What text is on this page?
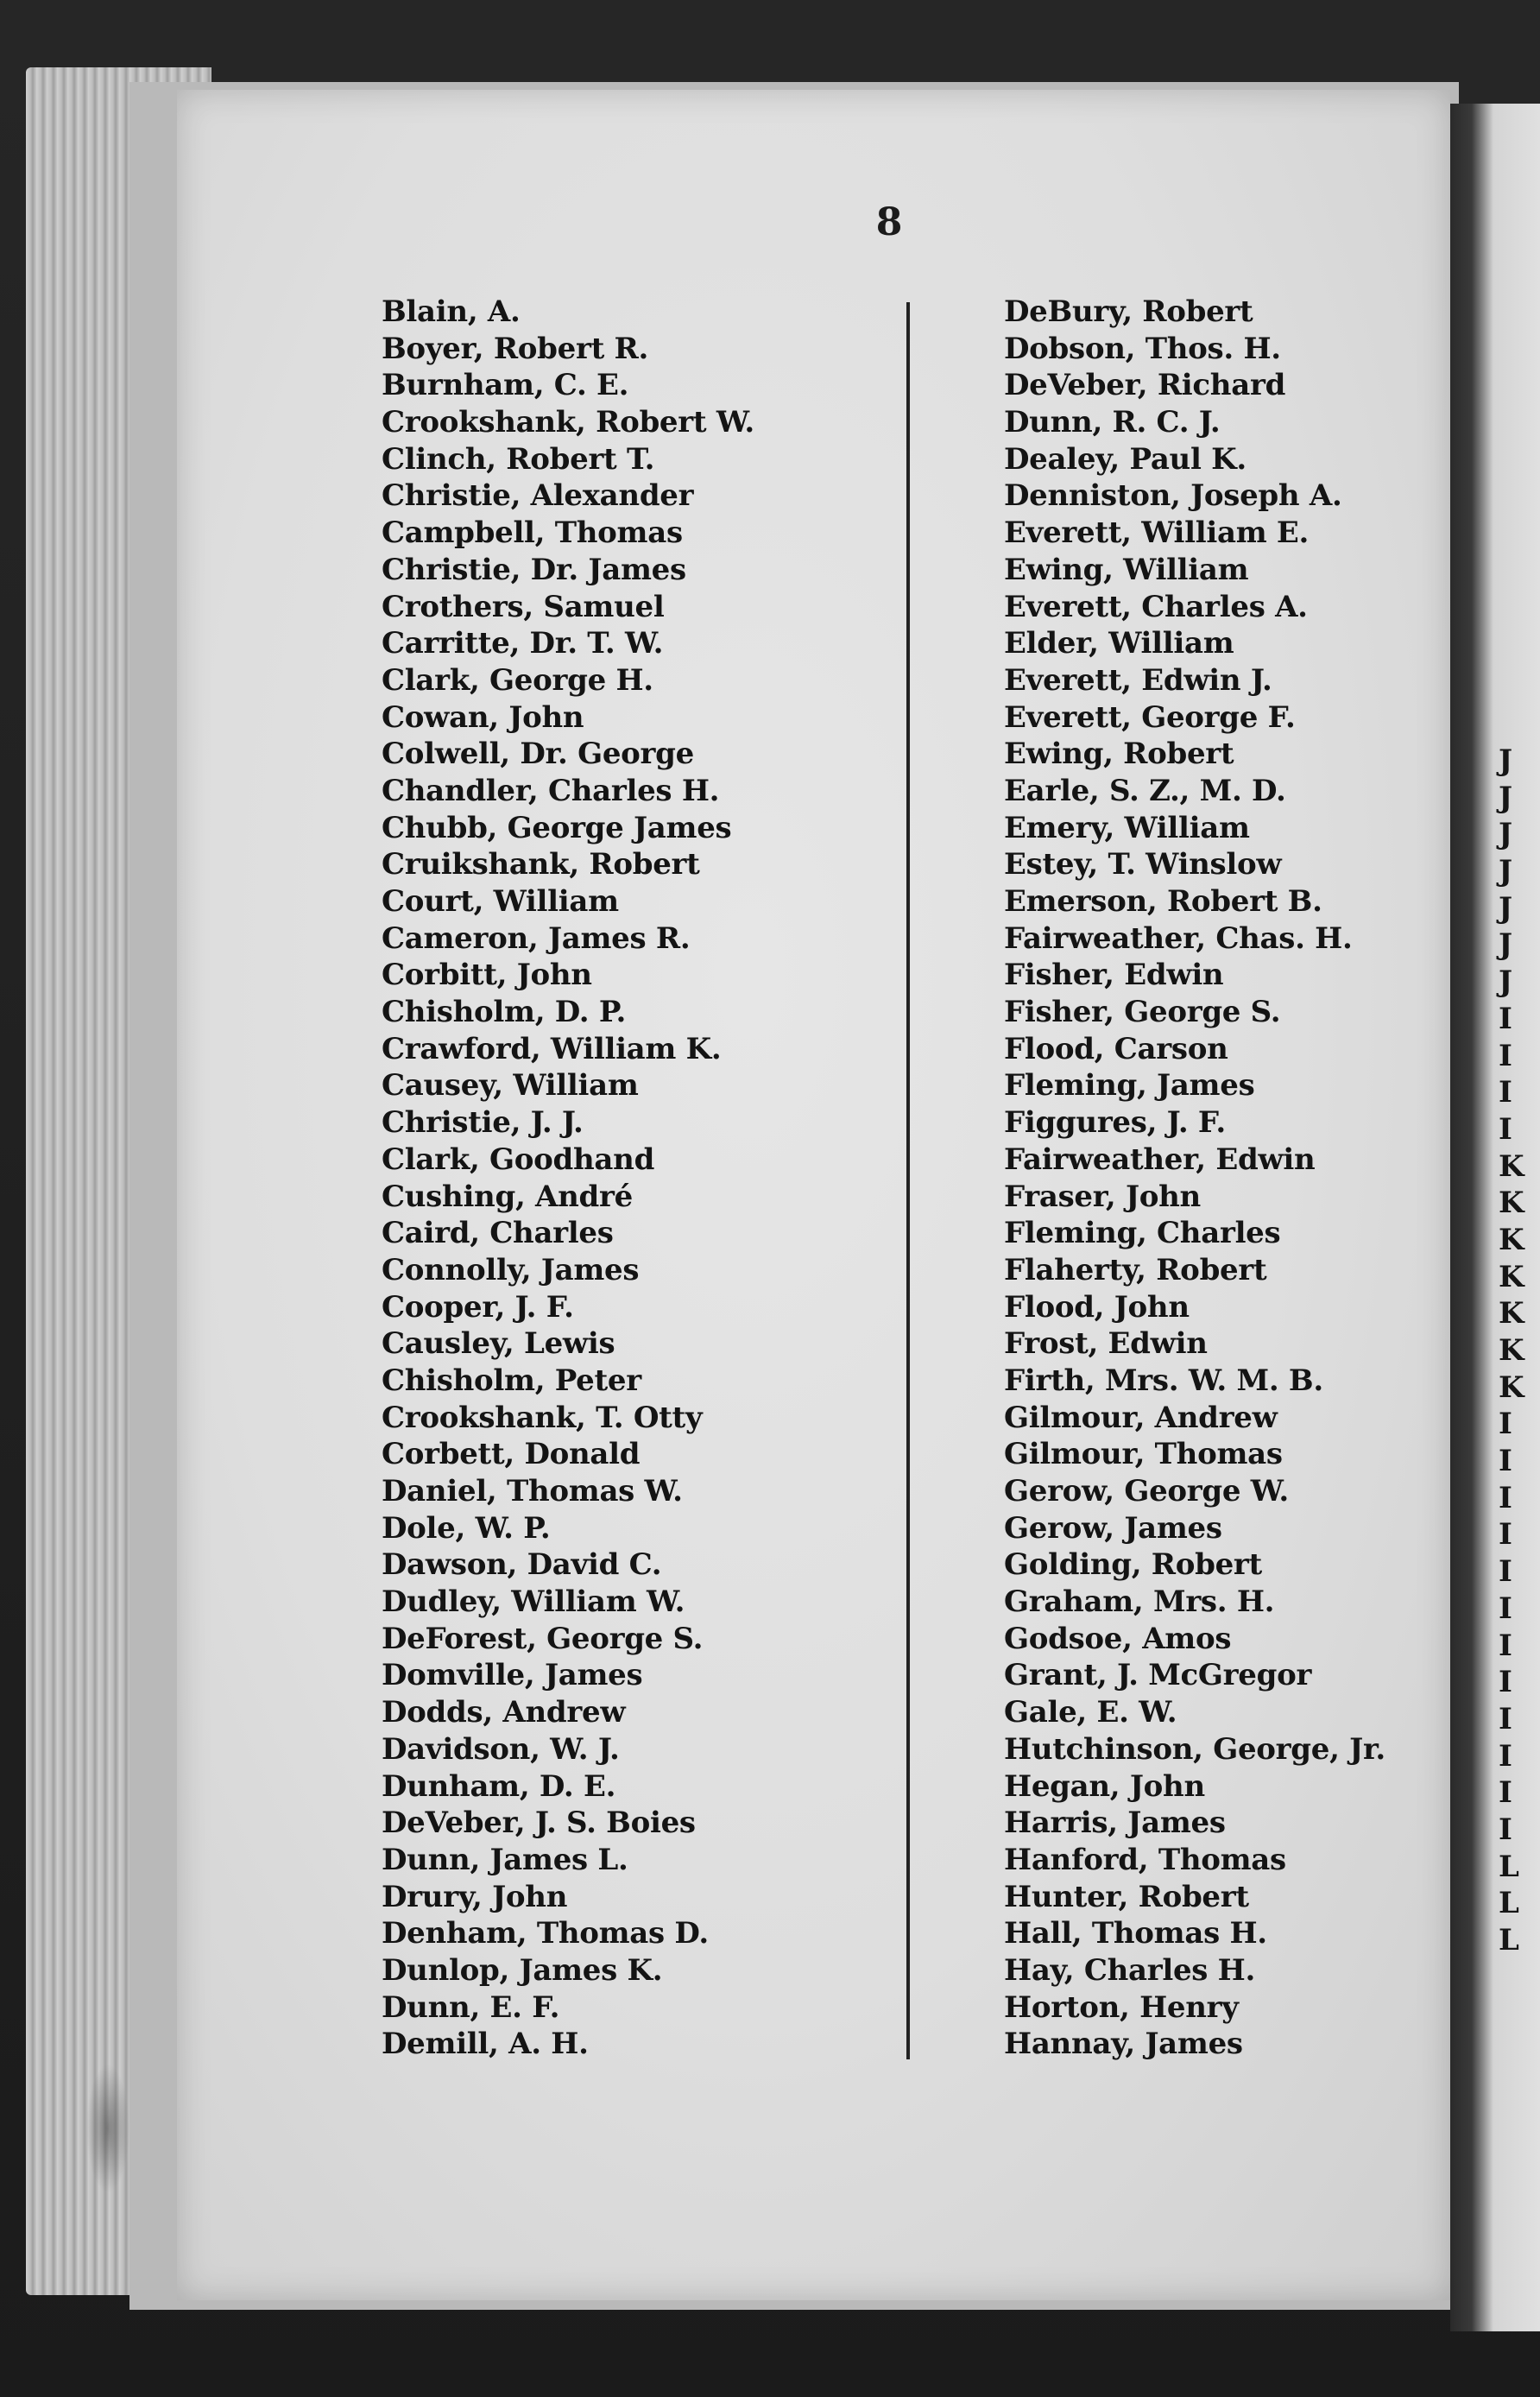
J
J
J
J
J
J
J
I
I
I
I
K
K
K
K
K
K
K
I
I
I
I
I
I
I
I
I
I
I
I
L
L
L
8
Blain, A.
Boyer, Robert R.
Burnham, C. E.
Crookshank, Robert W.
Clinch, Robert T.
Christie, Alexander
Campbell, Thomas
Christie, Dr. James
Crothers, Samuel
Carritte, Dr. T. W.
Clark, George H.
Cowan, John
Colwell, Dr. George
Chandler, Charles H.
Chubb, George James
Cruikshank, Robert
Court, William
Cameron, James R.
Corbitt, John
Chisholm, D. P.
Crawford, William K.
Causey, William
Christie, J. J.
Clark, Goodhand
Cushing, André
Caird, Charles
Connolly, James
Cooper, J. F.
Causley, Lewis
Chisholm, Peter
Crookshank, T. Otty
Corbett, Donald
Daniel, Thomas W.
Dole, W. P.
Dawson, David C.
Dudley, William W.
DeForest, George S.
Domville, James
Dodds, Andrew
Davidson, W. J.
Dunham, D. E.
DeVeber, J. S. Boies
Dunn, James L.
Drury, John
Denham, Thomas D.
Dunlop, James K.
Dunn, E. F.
Demill, A. H.
DeBury, Robert
Dobson, Thos. H.
DeVeber, Richard
Dunn, R. C. J.
Dealey, Paul K.
Denniston, Joseph A.
Everett, William E.
Ewing, William
Everett, Charles A.
Elder, William
Everett, Edwin J.
Everett, George F.
Ewing, Robert
Earle, S. Z., M. D.
Emery, William
Estey, T. Winslow
Emerson, Robert B.
Fairweather, Chas. H.
Fisher, Edwin
Fisher, George S.
Flood, Carson
Fleming, James
Figgures, J. F.
Fairweather, Edwin
Fraser, John
Fleming, Charles
Flaherty, Robert
Flood, John
Frost, Edwin
Firth, Mrs. W. M. B.
Gilmour, Andrew
Gilmour, Thomas
Gerow, George W.
Gerow, James
Golding, Robert
Graham, Mrs. H.
Godsoe, Amos
Grant, J. McGregor
Gale, E. W.
Hutchinson, George, Jr.
Hegan, John
Harris, James
Hanford, Thomas
Hunter, Robert
Hall, Thomas H.
Hay, Charles H.
Horton, Henry
Hannay, James
